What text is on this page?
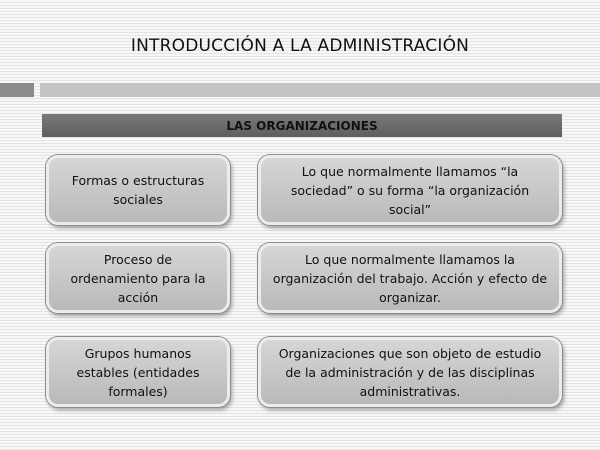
INTRODUCCIÓN A LA ADMINISTRACIÓN
LAS ORGANIZACIONES
Formas o estructuras sociales
Lo que normalmente llamamos “la sociedad” o su forma “la organización social”
Proceso de ordenamiento para la acción
Lo que normalmente llamamos la organización del trabajo. Acción y efecto de organizar.
Grupos humanos estables (entidades formales)
Organizaciones que son objeto de estudio de la administración y de las disciplinas administrativas.
